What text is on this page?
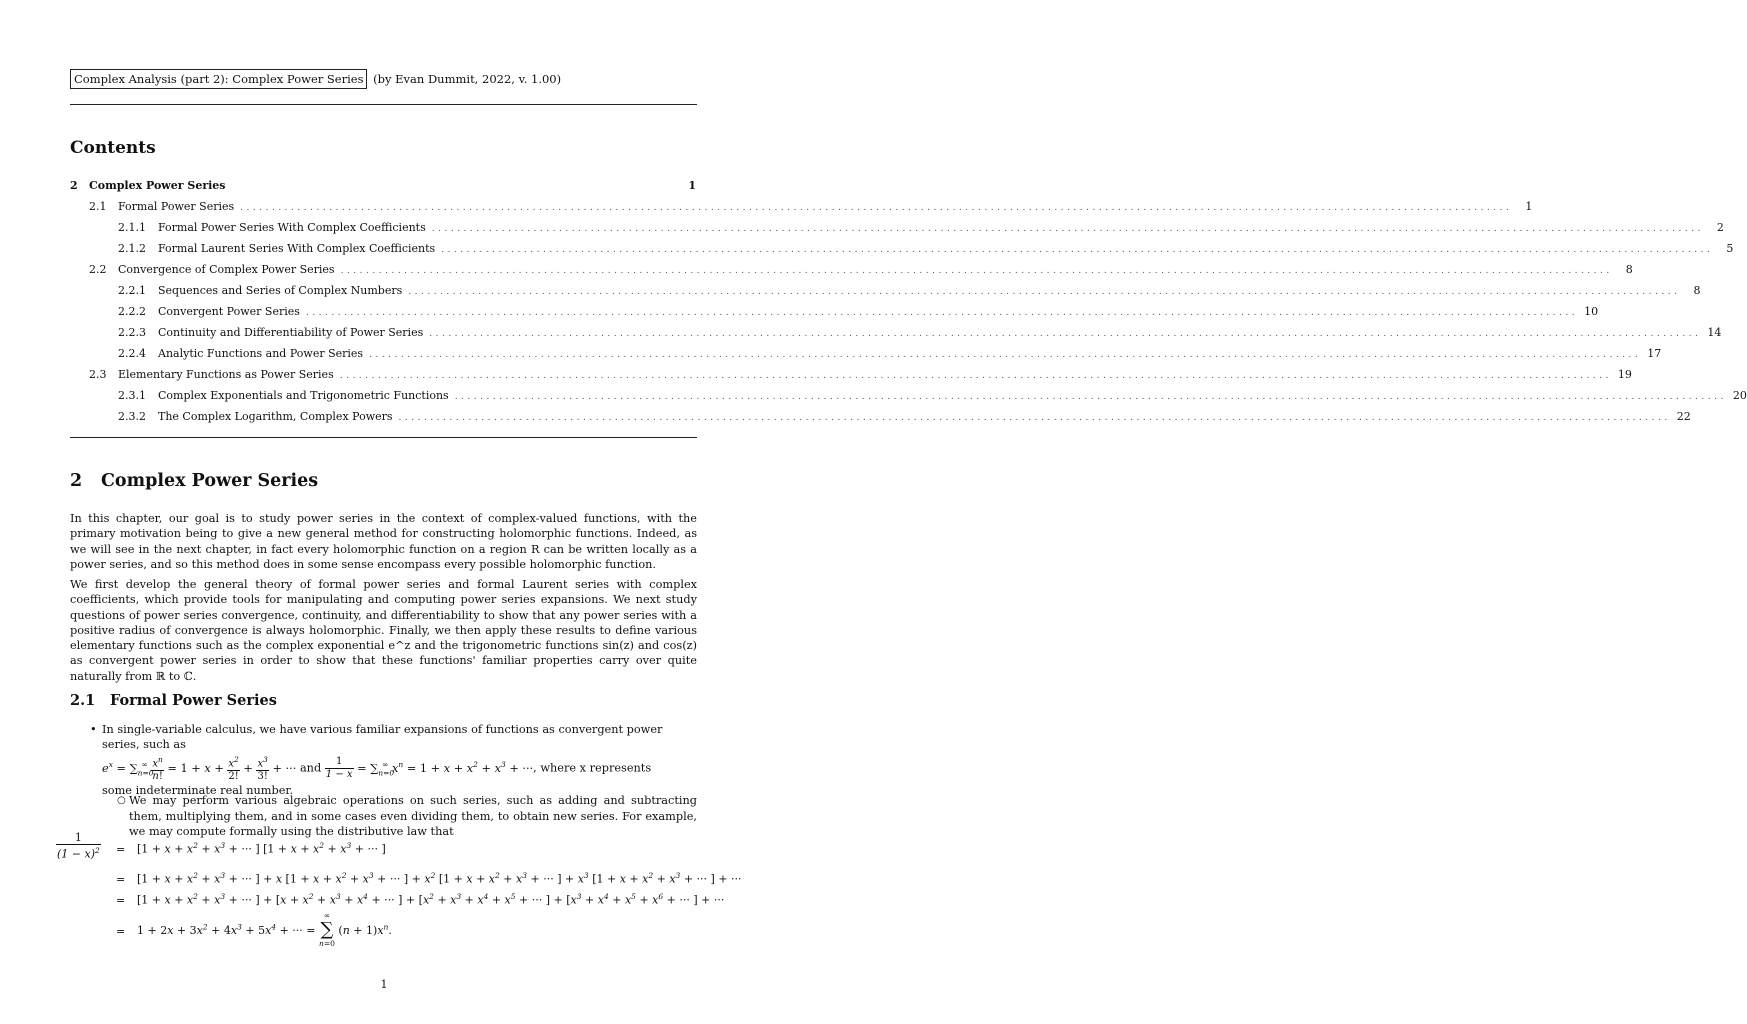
Complex Analysis (part 2): Complex Power Series (by Evan Dummit, 2022, v. 1.00)
Contents
2	Complex Power Series	1
2.1	Formal Power Series ........................................................................................................................................................................................................	1
2.1.1	Formal Power Series With Complex Coefficients ........................................................................................................................................................................................................	2
2.1.2	Formal Laurent Series With Complex Coefficients ........................................................................................................................................................................................................	5
2.2	Convergence of Complex Power Series ........................................................................................................................................................................................................	8
2.2.1	Sequences and Series of Complex Numbers ........................................................................................................................................................................................................	8
2.2.2	Convergent Power Series ........................................................................................................................................................................................................ 10
2.2.3	Continuity and Differentiability of Power Series ........................................................................................................................................................................................................ 14
2.2.4	Analytic Functions and Power Series ........................................................................................................................................................................................................ 17
2.3	Elementary Functions as Power Series ........................................................................................................................................................................................................ 19
2.3.1	Complex Exponentials and Trigonometric Functions ........................................................................................................................................................................................................ 20
2.3.2	The Complex Logarithm, Complex Powers ........................................................................................................................................................................................................ 22
2 Complex Power Series

In this chapter, our goal is to study power series in the context of complex-valued functions, with the primary motivation being to give a new general method for constructing holomorphic functions. Indeed, as we will see in the next chapter, in fact every holomorphic function on a region R can be written locally as a power series, and so this method does in some sense encompass every possible holomorphic function.

We first develop the general theory of formal power series and formal Laurent series with complex coefficients, which provide tools for manipulating and computing power series expansions. We next study questions of power series convergence, continuity, and differentiability to show that any power series with a positive radius of convergence is always holomorphic. Finally, we then apply these results to define various elementary functions such as the complex exponential e^z and the trigonometric functions sin(z) and cos(z) as convergent power series in order to show that these functions' familiar properties carry over quite naturally from ℝ to ℂ.

2.1 Formal Power Series
• In single-variable calculus, we have various familiar expansions of functions as convergent power series, such as
$e^x = \sum_{n=0}^\infty \frac{x^n}{n!} = 1 + x + \frac{x^2}{2!} + \frac{x^3}{3!}$ + ··· and $\frac{1}{1 - x} = \sum_{n=0}^\infty$ $x^n = 1 + x + x^2 + x^3$ + ···, where x represents
some indeterminate real number.
○ We may perform various algebraic operations on such series, such as adding and subtracting them, multiplying them, and in some cases even dividing them, to obtain new series. For example, we may compute formally using the distributive law that
$\frac{1}{(1 - x)^2} = [1 + x + x^2 + x^3$ + ··· ] [$1 + x + x^2 + x^3$ + ··· ]
= [$1 + x + x^2 + x^3$ + ··· ] + x [$1 + x + x^2 + x^3$ + ··· ] + $x^2$ [$1 + x + x^2 + x^3$ + ··· ] + $x^3$ [$1 + x + x^2 + x^3$ + ··· ] + ···
= [$1 + x + x^2 + x^3$ + ··· ] + [$x + x^2 + x^3 + x^4$ + ··· ] + [$x^2 + x^3 + x^4 + x^5$ + ··· ] + [$x^3 + x^4 + x^5 + x^6$ + ··· ] + ···
= $1 + 2x + 3x^2 + 4x^3 + 5x^4$ + ··· =
∞
∑
n=0
$(n + 1)x^n$.
1
